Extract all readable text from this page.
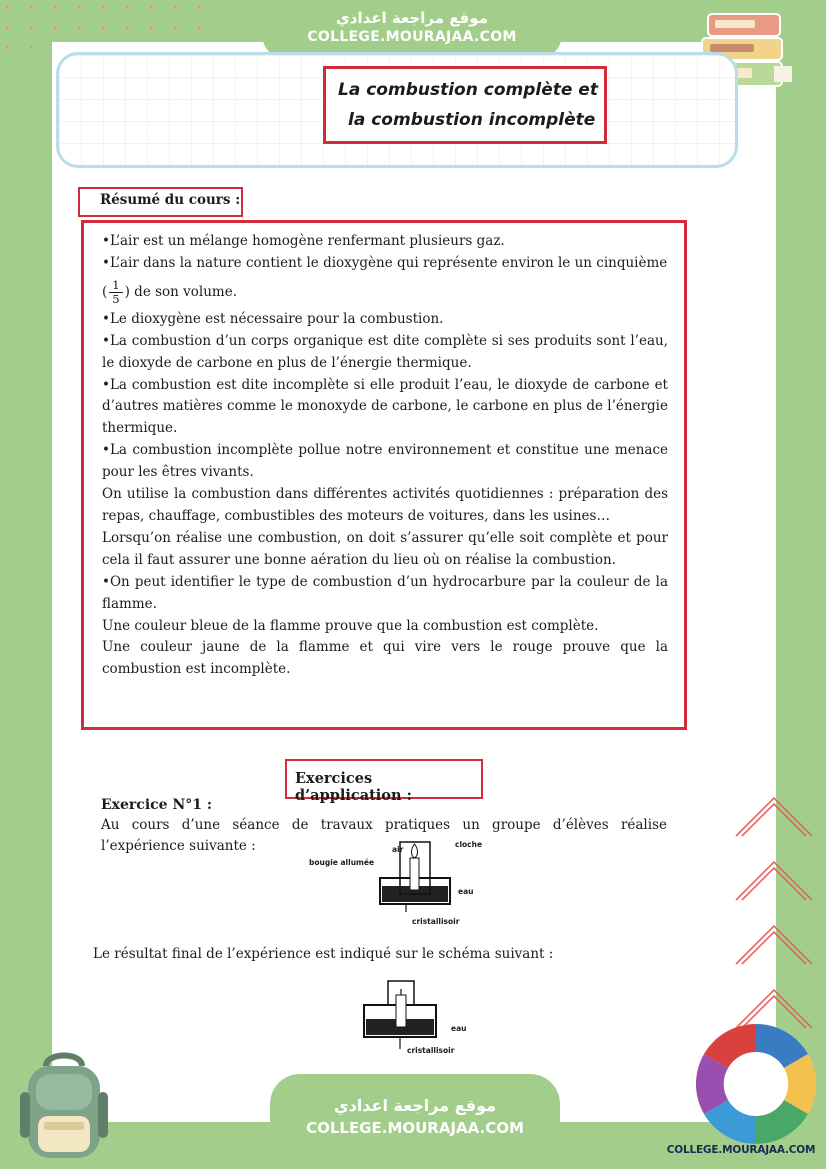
موقع مراجعة اعدادي
COLLEGE.MOURAJAA.COM
La combustion complète et
la combustion incomplète
Résumé du cours :

•L’air est un mélange homogène renfermant plusieurs gaz.

•L’air dans la nature contient le dioxygène qui représente environ le un cinquième

( $\frac{1}{5}$ ) de son volume.

•Le dioxygène est nécessaire pour la combustion.

•La combustion d’un corps organique est dite complète si ses produits sont l’eau, le dioxyde de carbone en plus de l’énergie thermique.

•La combustion est dite incomplète si elle produit l’eau, le dioxyde de carbone et d’autres matières comme le monoxyde de carbone, le carbone en plus de l’énergie thermique.

•La combustion incomplète pollue notre environnement et constitue une menace pour les êtres vivants.

On utilise la combustion dans différentes activités quotidiennes : préparation des repas, chauffage, combustibles des moteurs de voitures, dans les usines…

Lorsqu’on réalise une combustion, on doit s’assurer qu’elle soit complète et pour cela il faut assurer une bonne aération du lieu où on réalise la combustion.

•On peut identifier le type de combustion d’un hydrocarbure par la couleur de la flamme.

Une couleur bleue de la flamme prouve que la combustion est complète.

Une couleur jaune de la flamme et qui vire vers le rouge prouve que la combustion est incomplète.

Exercices d’application :
Exercice N°1 :
Au cours d’une séance de travaux pratiques un groupe d’élèves réalise l’expérience suivante :	air
bougie allumée
cloche
eau
cristallisoir
Le résultat final de l’expérience est indiqué sur le schéma suivant :
eau
cristallisoir
موقع مراجعة اعدادي
COLLEGE.MOURAJAA.COM
COLLEGE.MOURAJAA.COM
